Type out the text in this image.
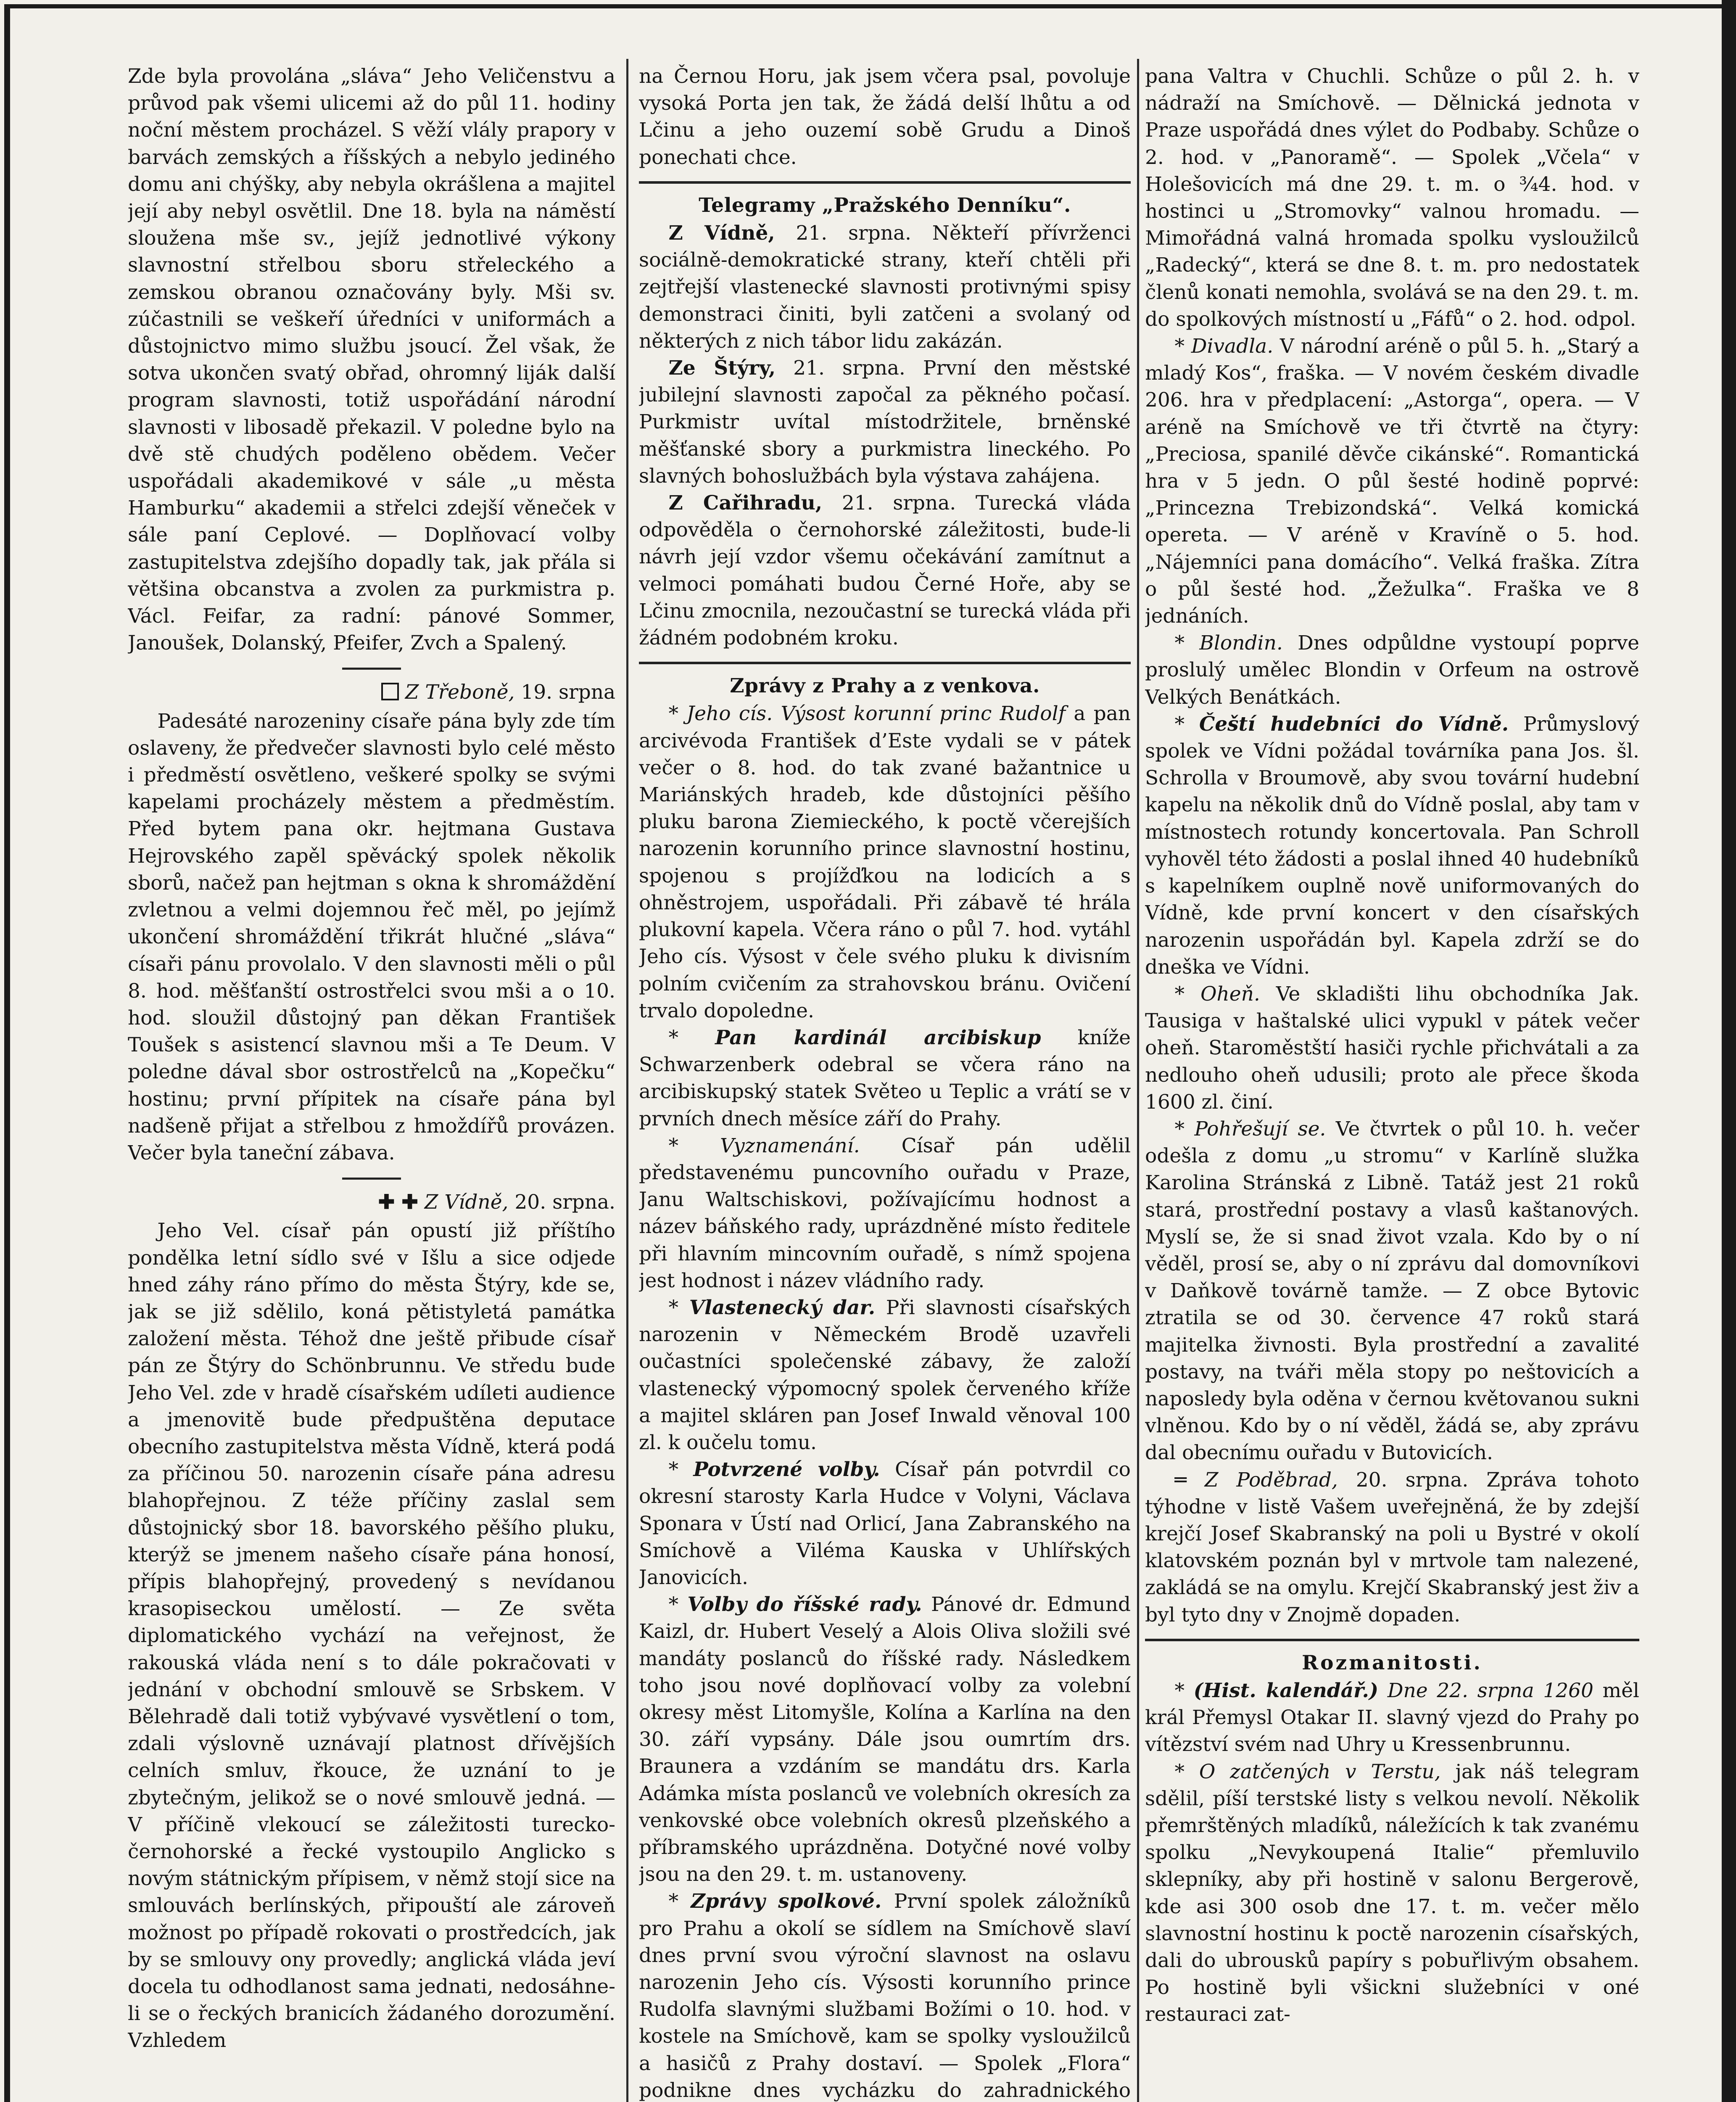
Zde byla provolána „sláva“ Jeho Veličenstvu a průvod pak všemi ulicemi až do půl 11. hodiny noční městem procházel. S věží vlály prapory v barvách zemských a říšských a nebylo jediného domu ani chýšky, aby nebyla okrášlena a majitel její aby nebyl osvětlil. Dne 18. byla na náměstí sloužena mše sv., jejíž jednotlivé výkony slavnostní střelbou sboru střeleckého a zemskou obranou označovány byly. Mši sv. zúčastnili se veškeří úředníci v uniformách a důstojnictvo mimo službu jsoucí. Žel však, že sotva ukončen svatý obřad, ohromný liják další program slavnosti, totiž uspořádání národní slavnosti v libosadě překazil. V poledne bylo na dvě stě chudých poděleno obědem. Večer uspořádali akademikové v sále „u města Hamburku“ akademii a střelci zdejší věneček v sále paní Ceplové. — Doplňovací volby zastupitelstva zdejšího dopadly tak, jak přála si většina obcanstva a zvolen za purkmistra p. Václ. Feifar, za radní: pánové Sommer, Janoušek, Dolanský, Pfeifer, Zvch a Spalený.

Z Třeboně, 19. srpna

Padesáté narozeniny císaře pána byly zde tím oslaveny, že předvečer slavnosti bylo celé město i předměstí osvětleno, veškeré spolky se svými kapelami procházely městem a předměstím. Před bytem pana okr. hejtmana Gustava Hejrovského zapěl spěvácký spolek několik sborů, načež pan hejtman s okna k shromáždění zvletnou a velmi dojemnou řeč měl, po jejímž ukončení shromáždění třikrát hlučné „sláva“ císaři pánu provolalo. V den slavnosti měli o půl 8. hod. měšťanští ostrostřelci svou mši a o 10. hod. sloužil důstojný pan děkan František Toušek s asistencí slavnou mši a Te Deum. V poledne dával sbor ostrostřelců na „Kopečku“ hostinu; první přípitek na císaře pána byl nadšeně přijat a střelbou z hmoždířů provázen. Večer byla taneční zábava.

✚ ✚ Z Vídně, 20. srpna.

Jeho Vel. císař pán opustí již příštího pondělka letní sídlo své v Išlu a sice odjede hned záhy ráno přímo do města Štýry, kde se, jak se již sdělilo, koná pětistyletá památka založení města. Téhož dne ještě přibude císař pán ze Štýry do Schönbrunnu. Ve středu bude Jeho Vel. zde v hradě císařském udíleti audience a jmenovitě bude předpuštěna deputace obecního zastupitelstva města Vídně, která podá za příčinou 50. narozenin císaře pána adresu blahopřejnou. Z téže příčiny zaslal sem důstojnický sbor 18. bavorského pěšího pluku, kterýž se jmenem našeho císaře pána honosí, přípis blahopřejný, provedený s nevídanou krasopiseckou umělostí. — Ze světa diplomatického vychází na veřejnost, že rakouská vláda není s to dále pokračovati v jednání v obchodní smlouvě se Srbskem. V Bělehradě dali totiž vybývavé vysvětlení o tom, zdali výslovně uznávají platnost dřívějších celních smluv, řkouce, že uznání to je zbytečným, jelikož se o nové smlouvě jedná. — V příčině vlekoucí se záležitosti turecko-černohorské a řecké vystoupilo Anglicko s novým státnickým přípisem, v němž stojí sice na smlouvách berlínských, připouští ale zároveň možnost po případě rokovati o prostředcích, jak by se smlouvy ony provedly; anglická vláda jeví docela tu odhodlanost sama jednati, nedosáhne-li se o řeckých branicích žádaného dorozumění. Vzhledem

na Černou Horu, jak jsem včera psal, povoluje vysoká Porta jen tak, že žádá delší lhůtu a od Lčinu a jeho ouzemí sobě Grudu a Dinoš ponechati chce.

Telegramy „Pražského Denníku“.

Z Vídně, 21. srpna. Někteří přívrženci sociálně-demokratické strany, kteří chtěli při zejtřejší vlastenecké slavnosti protivnými spisy demonstraci činiti, byli zatčeni a svolaný od některých z nich tábor lidu zakázán.

Ze Štýry, 21. srpna. První den městské jubilejní slavnosti započal za pěkného počasí. Purkmistr uvítal místodržitele, brněnské měšťanské sbory a purkmistra lineckého. Po slavných bohoslužbách byla výstava zahájena.

Z Cařihradu, 21. srpna. Turecká vláda odpověděla o černohorské záležitosti, bude-li návrh její vzdor všemu očekávání zamítnut a velmoci pomáhati budou Černé Hoře, aby se Lčinu zmocnila, nezoučastní se turecká vláda při žádném podobném kroku.

Zprávy z Prahy a z venkova.

* Jeho cís. Výsost korunní princ Rudolf a pan arcivévoda František d’Este vydali se v pátek večer o 8. hod. do tak zvané bažantnice u Mariánských hradeb, kde důstojníci pěšího pluku barona Ziemieckého, k poctě včerejších narozenin korunního prince slavnostní hostinu, spojenou s projížďkou na lodicích a s ohněstrojem, uspořádali. Při zábavě té hrála plukovní kapela. Včera ráno o půl 7. hod. vytáhl Jeho cís. Výsost v čele svého pluku k divisním polním cvičením za strahovskou bránu. Ovičení trvalo dopoledne.

* Pan kardinál arcibiskup kníže Schwarzenberk odebral se včera ráno na arcibiskupský statek Světeo u Teplic a vrátí se v prvních dnech měsíce září do Prahy.

* Vyznamenání. Císař pán udělil představenému puncovního ouřadu v Praze, Janu Waltschiskovi, požívajícímu hodnost a název báňského rady, uprázdněné místo ředitele při hlavním mincovním ouřadě, s nímž spojena jest hodnost i název vládního rady.

* Vlastenecký dar. Při slavnosti císařských narozenin v Německém Brodě uzavřeli oučastníci společenské zábavy, že založí vlastenecký výpomocný spolek červeného kříže a majitel skláren pan Josef Inwald věnoval 100 zl. k oučelu tomu.

* Potvrzené volby. Císař pán potvrdil co okresní starosty Karla Hudce v Volyni, Václava Sponara v Ústí nad Orlicí, Jana Zabranského na Smíchově a Viléma Kauska v Uhlířských Janovicích.

* Volby do říšské rady. Pánové dr. Edmund Kaizl, dr. Hubert Veselý a Alois Oliva složili své mandáty poslanců do říšské rady. Následkem toho jsou nové doplňovací volby za volební okresy měst Litomyšle, Kolína a Karlína na den 30. září vypsány. Dále jsou oumrtím drs. Braunera a vzdáním se mandátu drs. Karla Adámka místa poslanců ve volebních okresích za venkovské obce volebních okresů plzeňského a příbramského uprázdněna. Dotyčné nové volby jsou na den 29. t. m. ustanoveny.

* Zprávy spolkové. První spolek záložníků pro Prahu a okolí se sídlem na Smíchově slaví dnes první svou výroční slavnost na oslavu narozenin Jeho cís. Výsosti korunního prince Rudolfa slavnými službami Božími o 10. hod. v kostele na Smíchově, kam se spolky vysloužilců a hasičů z Prahy dostaví. — Spolek „Flora“ podnikne dnes vycházku do zahradnického

pana Valtra v Chuchli. Schůze o půl 2. h. v nádraží na Smíchově. — Dělnická jednota v Praze uspořádá dnes výlet do Podbaby. Schůze o 2. hod. v „Panoramě“. — Spolek „Včela“ v Holešovicích má dne 29. t. m. o ¾4. hod. v hostinci u „Stromovky“ valnou hromadu. — Mimořádná valná hromada spolku vysloužilců „Radecký“, která se dne 8. t. m. pro nedostatek členů konati nemohla, svolává se na den 29. t. m. do spolkových místností u „Fáfů“ o 2. hod. odpol.

* Divadla. V národní aréně o půl 5. h. „Starý a mladý Kos“, fraška. — V novém českém divadle 206. hra v předplacení: „Astorga“, opera. — V aréně na Smíchově ve tři čtvrtě na čtyry: „Preciosa, spanilé děvče cikánské“. Romantická hra v 5 jedn. O půl šesté hodině poprvé: „Princezna Trebizondská“. Velká komická opereta. — V aréně v Kravíně o 5. hod. „Nájemníci pana domácího“. Velká fraška. Zítra o půl šesté hod. „Žežulka“. Fraška ve 8 jednáních.

* Blondin. Dnes odpůldne vystoupí poprve proslulý umělec Blondin v Orfeum na ostrově Velkých Benátkách.

* Čeští hudebníci do Vídně. Průmyslový spolek ve Vídni požádal továrníka pana Jos. šl. Schrolla v Broumově, aby svou tovární hudební kapelu na několik dnů do Vídně poslal, aby tam v místnostech rotundy koncertovala. Pan Schroll vyhověl této žádosti a poslal ihned 40 hudebníků s kapelníkem ouplně nově uniformovaných do Vídně, kde první koncert v den císařských narozenin uspořádán byl. Kapela zdrží se do dneška ve Vídni.

* Oheň. Ve skladišti lihu obchodníka Jak. Tausiga v haštalské ulici vypukl v pátek večer oheň. Staroměstští hasiči rychle přichvátali a za nedlouho oheň udusili; proto ale přece škoda 1600 zl. činí.

* Pohřešují se. Ve čtvrtek o půl 10. h. večer odešla z domu „u stromu“ v Karlíně služka Karolina Stránská z Libně. Tatáž jest 21 roků stará, prostřední postavy a vlasů kaštanových. Myslí se, že si snad život vzala. Kdo by o ní věděl, prosí se, aby o ní zprávu dal domovníkovi v Daňkově továrně tamže. — Z obce Bytovic ztratila se od 30. července 47 roků stará majitelka živnosti. Byla prostřední a zavalité postavy, na tváři měla stopy po neštovicích a naposledy byla oděna v černou květovanou sukni vlněnou. Kdo by o ní věděl, žádá se, aby zprávu dal obecnímu ouřadu v Butovicích.

═ Z Poděbrad, 20. srpna. Zpráva tohoto týhodne v listě Vašem uveřejněná, že by zdejší krejčí Josef Skabranský na poli u Bystré v okolí klatovském poznán byl v mrtvole tam nalezené, zakládá se na omylu. Krejčí Skabranský jest živ a byl tyto dny v Znojmě dopaden.

Rozmanitosti.

* (Hist. kalendář.) Dne 22. srpna 1260 měl král Přemysl Otakar II. slavný vjezd do Prahy po vítězství svém nad Uhry u Kressenbrunnu.

* O zatčených v Terstu, jak náš telegram sdělil, píší terstské listy s velkou nevolí. Několik přemrštěných mladíků, náležících k tak zvanému spolku „Nevykoupená Italie“ přemluvilo sklepníky, aby při hostině v salonu Bergerově, kde asi 300 osob dne 17. t. m. večer mělo slavnostní hostinu k poctě narozenin císařských, dali do ubrousků papíry s pobuřlivým obsahem. Po hostině byli všickni služebníci v oné restauraci zat-
